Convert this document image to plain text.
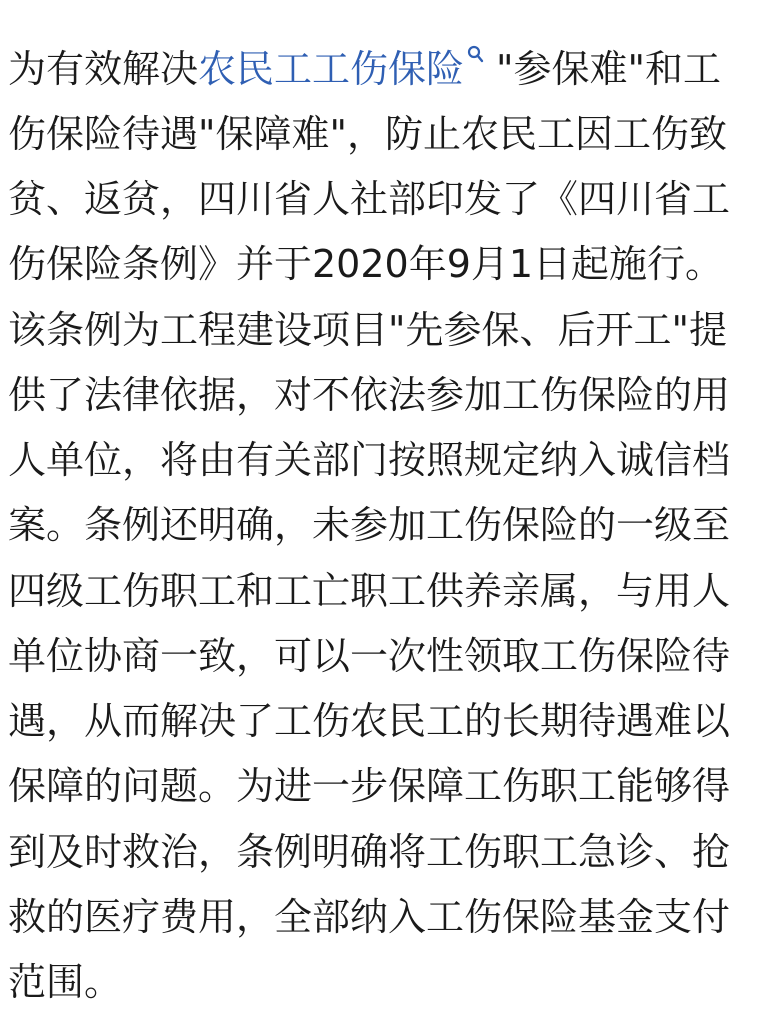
为有效解决农民工工伤保险 "参保难"和工
伤保险待遇"保障难"，防止农民工因工伤致
贫、返贫，四川省人社部印发了《四川省工
伤保险条例》并于2020年9月1日起施行。
该条例为工程建设项目"先参保、后开工"提
供了法律依据，对不依法参加工伤保险的用
人单位，将由有关部门按照规定纳入诚信档
案。条例还明确，未参加工伤保险的一级至
四级工伤职工和工亡职工供养亲属，与用人
单位协商一致，可以一次性领取工伤保险待
遇，从而解决了工伤农民工的长期待遇难以
保障的问题。为进一步保障工伤职工能够得
到及时救治，条例明确将工伤职工急诊、抢
救的医疗费用，全部纳入工伤保险基金支付
范围。
